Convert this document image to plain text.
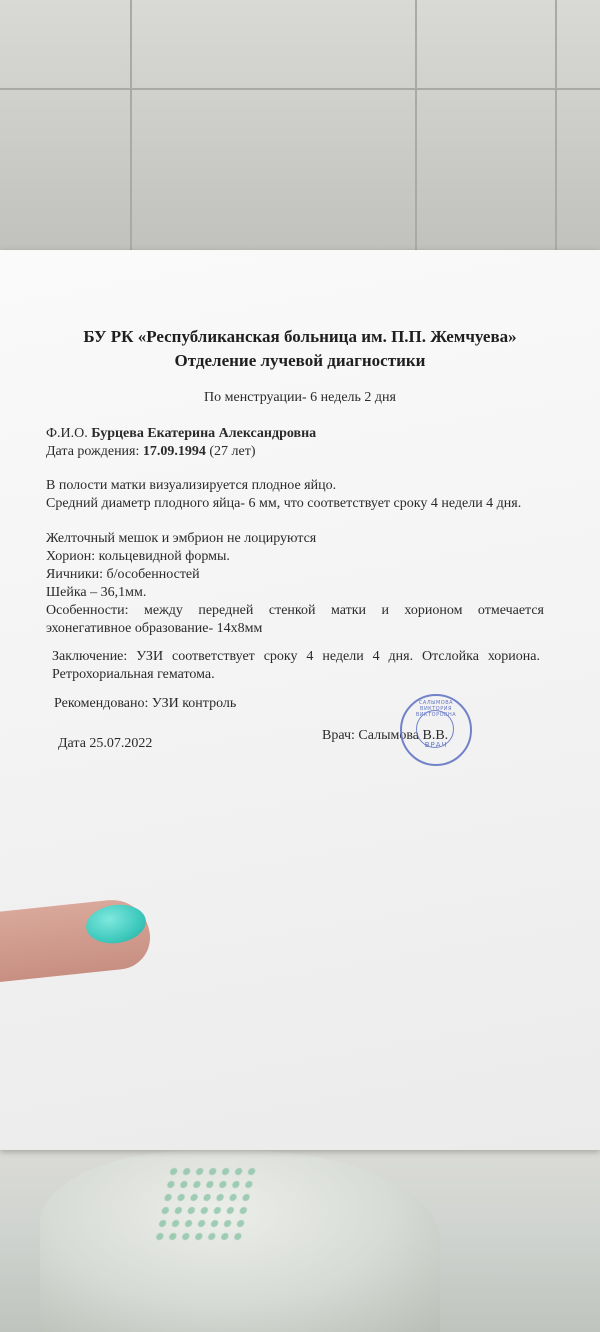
БУ РК «Республиканская больница им. П.П. Жемчуева»
Отделение лучевой диагностики
По менструации- 6 недель 2 дня
Ф.И.О. Бурцева Екатерина Александровна
Дата рождения: 17.09.1994 (27 лет)
В полости матки визуализируется плодное яйцо.
Средний диаметр плодного яйца- 6 мм, что соответствует сроку 4 недели 4 дня.
Желточный мешок и эмбрион не лоцируются
Хорион: кольцевидной формы.
Яичники: б/особенностей
Шейка – 36,1мм.
Особенности: между передней стенкой матки и хорионом отмечается эхонегативное образование- 14х8мм
Заключение: УЗИ соответствует сроку 4 недели 4 дня. Отслойка хориона. Ретрохориальная гематома.
Рекомендовано: УЗИ контроль
Дата 25.07.2022
Врач: Салымова В.В.
САЛЫМОВА ВИКТОРИЯ ВИКТОРОВНА
ВРАЧ
